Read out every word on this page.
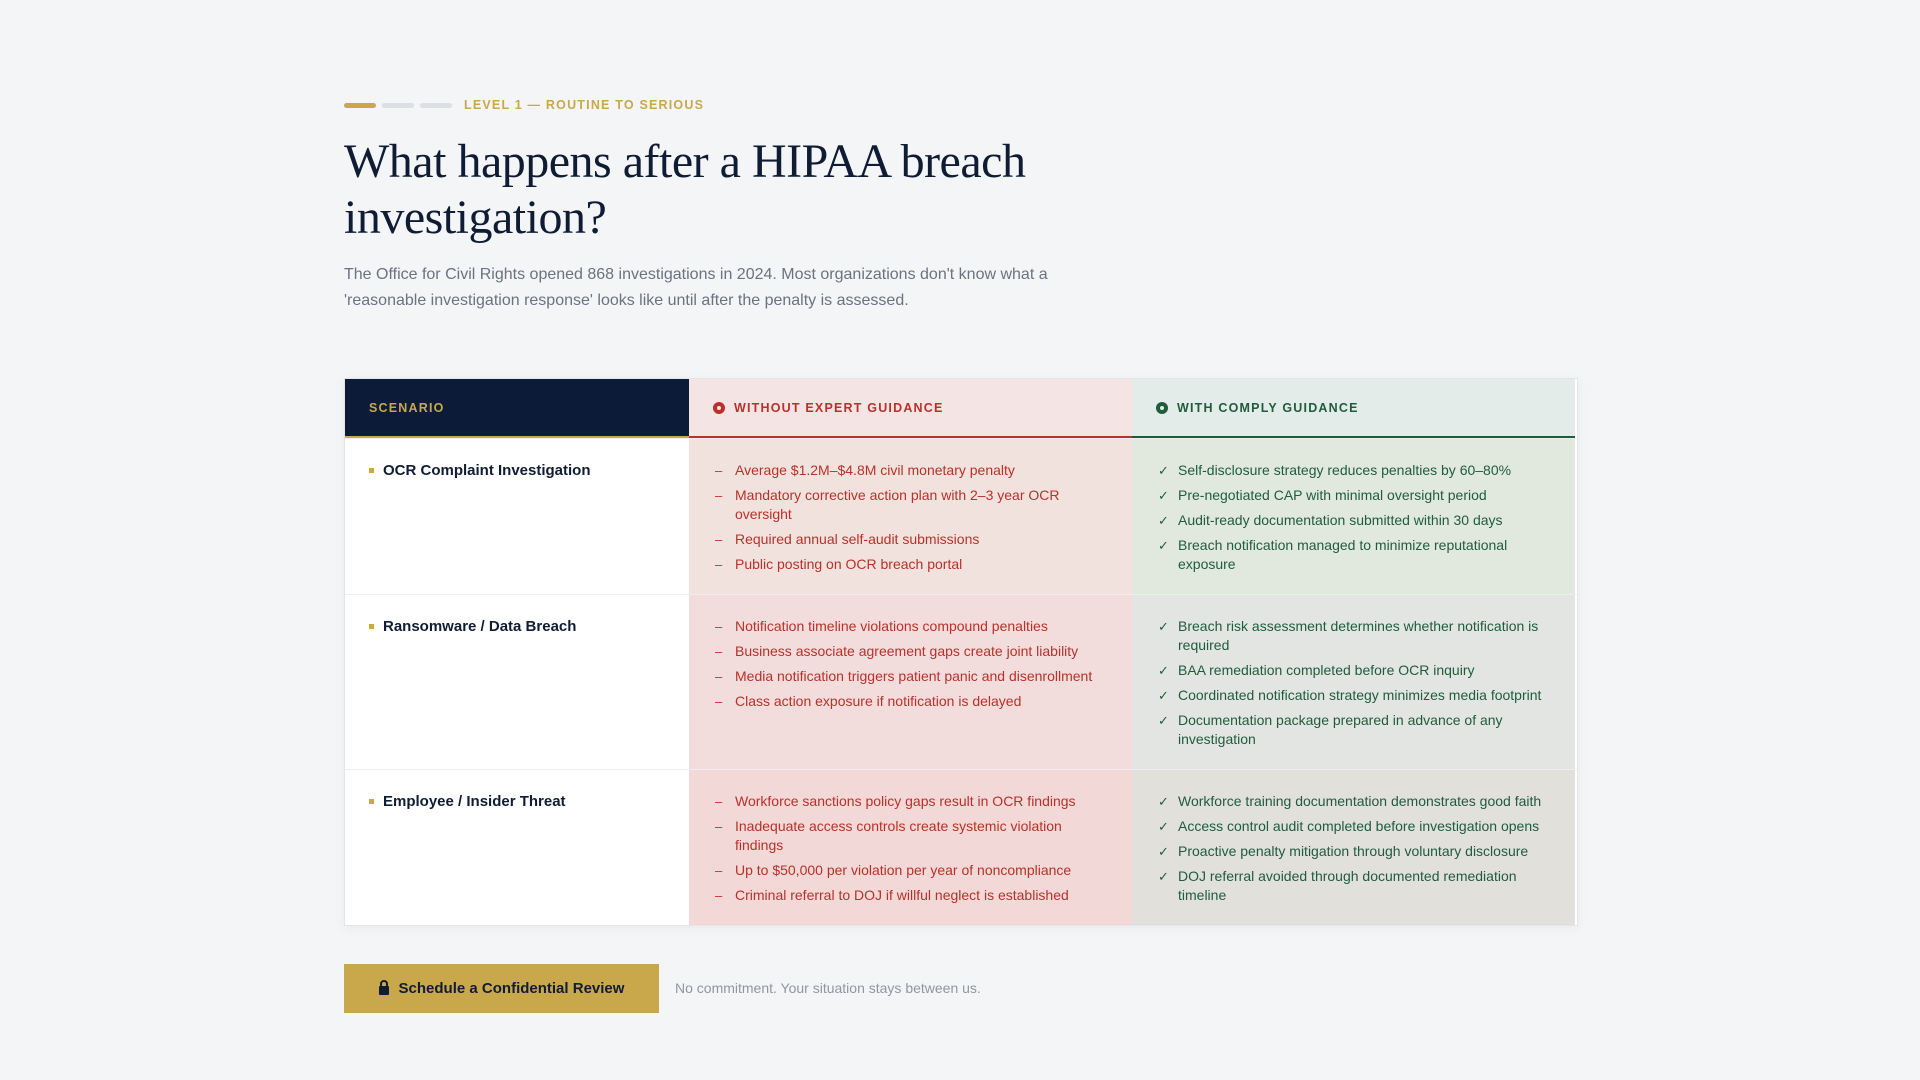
LEVEL 1 — ROUTINE TO SERIOUS
What happens after a HIPAA breach investigation?

The Office for Civil Rights opened 868 investigations in 2024. Most organizations don't know what a 'reasonable investigation response' looks like until after the penalty is assessed.

SCENARIO	WITHOUT EXPERT GUIDANCE	WITH COMPLY GUIDANCE
OCR Complaint Investigation	– Average $1.2M–$4.8M civil monetary penalty
– Mandatory corrective action plan with 2–3 year OCR oversight
– Required annual self-audit submissions
– Public posting on OCR breach portal
✓ Self-disclosure strategy reduces penalties by 60–80%
✓ Pre-negotiated CAP with minimal oversight period
✓ Audit-ready documentation submitted within 30 days
✓ Breach notification managed to minimize reputational exposure
Ransomware / Data Breach	– Notification timeline violations compound penalties
– Business associate agreement gaps create joint liability
– Media notification triggers patient panic and disenrollment
– Class action exposure if notification is delayed
✓ Breach risk assessment determines whether notification is required
✓ BAA remediation completed before OCR inquiry
✓ Coordinated notification strategy minimizes media footprint
✓ Documentation package prepared in advance of any investigation
Employee / Insider Threat	– Workforce sanctions policy gaps result in OCR findings
– Inadequate access controls create systemic violation findings
– Up to $50,000 per violation per year of noncompliance
– Criminal referral to DOJ if willful neglect is established
✓ Workforce training documentation demonstrates good faith
✓ Access control audit completed before investigation opens
✓ Proactive penalty mitigation through voluntary disclosure
✓ DOJ referral avoided through documented remediation timeline
Schedule a Confidential Review	No commitment. Your situation stays between us.
